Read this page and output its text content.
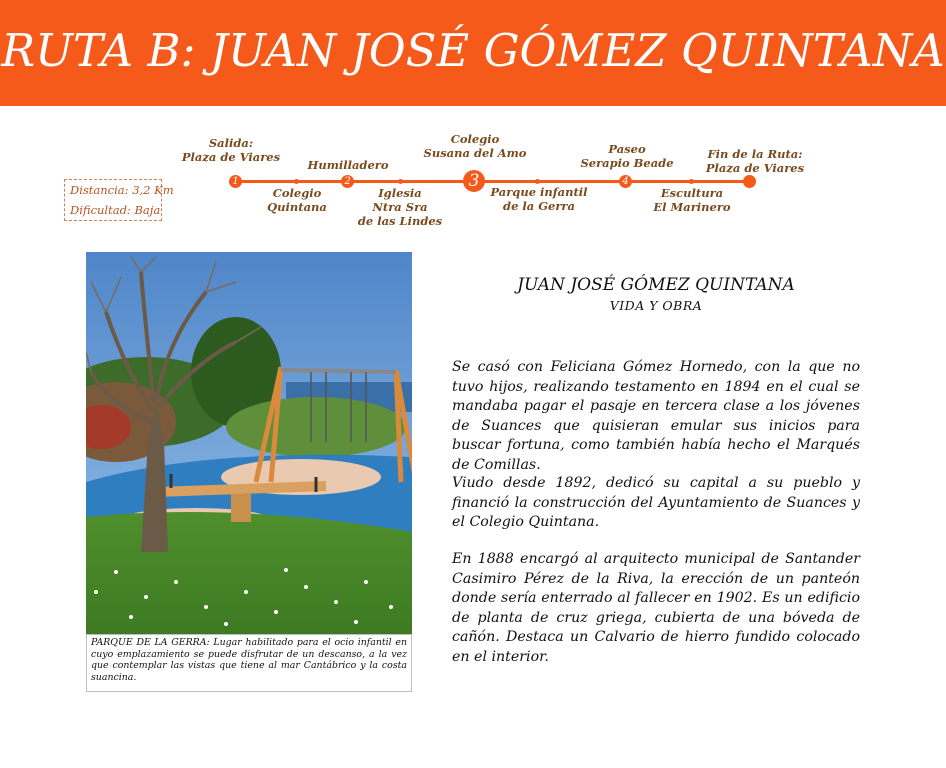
RUTA B: JUAN JOSÉ GÓMEZ QUINTANA
Distancia: 3,2 Km
Dificultad: Baja
1	2	3	4
Salida:
Plaza de Viares
Humilladero
Colegio
Susana del Amo	Paseo
Serapio Beade
Fin de la Ruta:
Plaza de Viares
Colegio
Quintana
Iglesia
Ntra Sra
de las Lindes
Parque infantil
de la Gerra
Escultura
El Marinero
PARQUE DE LA GERRA: Lugar habilitado para el ocio infantil en cuyo emplazamiento se puede disfrutar de un descanso, a la vez que contemplar las vistas que tiene al mar Cantábrico y la costa suancina.
JUAN JOSÉ GÓMEZ QUINTANA
VIDA Y OBRA
Se casó con Feliciana Gómez Hornedo, con la que no tuvo hijos, realizando testamento en 1894 en el cual se mandaba pagar el pasaje en tercera clase a los jóvenes de Suances que quisieran emular sus inicios para buscar fortuna, como también había hecho el Marqués de Comillas.
Viudo desde 1892, dedicó su capital a su pueblo y financió la construcción del Ayuntamiento de Suances y el Colegio Quintana.
En 1888 encargó al arquitecto municipal de Santander Casimiro Pérez de la Riva, la erección de un panteón donde sería enterrado al fallecer en 1902. Es un edificio de planta de cruz griega, cubierta de una bóveda de cañón. Destaca un Calvario de hierro fundido colocado en el interior.
